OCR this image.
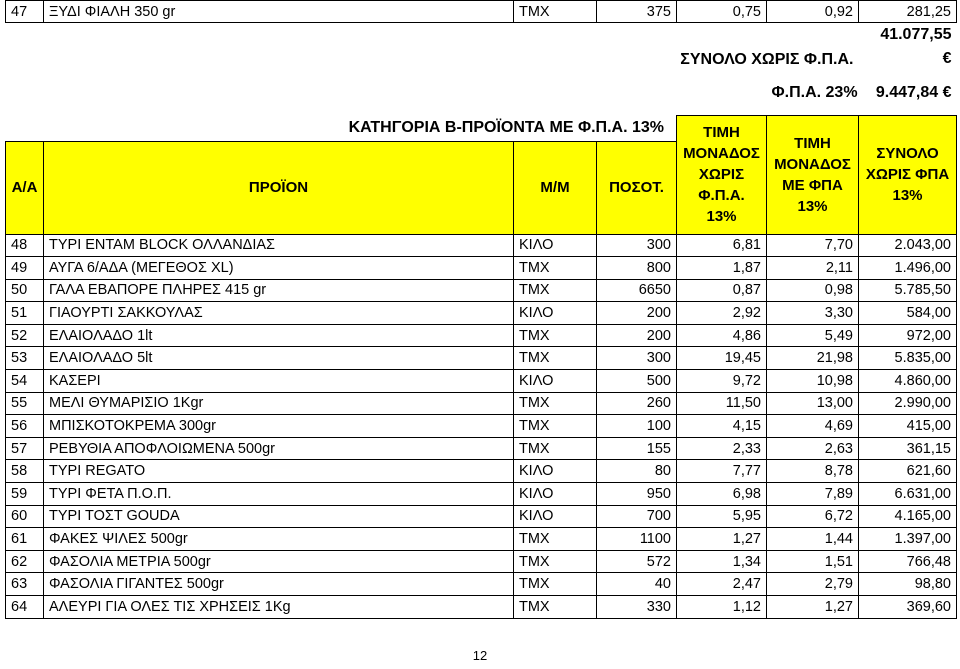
47	ΞΥΔΙ ΦΙΑΛΗ 350 gr	ΤΜΧ	375	0,75	0,92	281,25
			ΣΥΝΟΛΟ ΧΩΡΙΣ Φ.Π.Α.			41.077,55
€

					Φ.Π.Α. 23%	9.447,84 €
ΚΑΤΗΓΟΡΙΑ Β-ΠΡΟΪΟΝΤΑ ΜΕ Φ.Π.Α. 13%				ΤΙΜΗ ΜΟΝΑΔΟΣ ΧΩΡΙΣ Φ.Π.Α. 13%	ΤΙΜΗ ΜΟΝΑΔΟΣ ΜΕ ΦΠΑ 13%	ΣΥΝΟΛΟ ΧΩΡΙΣ ΦΠΑ 13%
Α/Α	ΠΡΟΪΟΝ	Μ/Μ	ΠΟΣΟΤ.			
48	ΤΥΡΙ ΕΝΤΑΜ BLOCK ΟΛΛΑΝΔΙΑΣ	ΚΙΛΟ	300	6,81	7,70	2.043,00
49	ΑΥΓΑ 6/ΑΔΑ (ΜΕΓΕΘΟΣ XL)	ΤΜΧ	800	1,87	2,11	1.496,00
50	ΓΑΛΑ ΕΒΑΠΟΡΕ ΠΛΗΡΕΣ 415 gr	ΤΜΧ	6650	0,87	0,98	5.785,50
51	ΓΙΑΟΥΡΤΙ ΣΑΚΚΟΥΛΑΣ	ΚΙΛΟ	200	2,92	3,30	584,00
52	ΕΛΑΙΟΛΑΔΟ 1lt	ΤΜΧ	200	4,86	5,49	972,00
53	ΕΛΑΙΟΛΑΔΟ 5lt	ΤΜΧ	300	19,45	21,98	5.835,00
54	ΚΑΣΕΡΙ	ΚΙΛΟ	500	9,72	10,98	4.860,00
55	ΜΕΛΙ ΘΥΜΑΡΙΣΙΟ 1Kgr	ΤΜΧ	260	11,50	13,00	2.990,00
56	ΜΠΙΣΚΟΤΟΚΡΕΜΑ 300gr	ΤΜΧ	100	4,15	4,69	415,00
57	ΡΕΒΥΘΙΑ ΑΠΟΦΛΟΙΩΜΕΝΑ 500gr	ΤΜΧ	155	2,33	2,63	361,15
58	ΤΥΡΙ REGATO	ΚΙΛΟ	80	7,77	8,78	621,60
59	ΤΥΡΙ ΦΕΤΑ Π.Ο.Π.	ΚΙΛΟ	950	6,98	7,89	6.631,00
60	ΤΥΡΙ ΤΟΣΤ GOUDA	ΚΙΛΟ	700	5,95	6,72	4.165,00
61	ΦΑΚΕΣ ΨΙΛΕΣ 500gr	ΤΜΧ	1100	1,27	1,44	1.397,00
62	ΦΑΣΟΛΙΑ ΜΕΤΡΙΑ 500gr	ΤΜΧ	572	1,34	1,51	766,48
63	ΦΑΣΟΛΙΑ ΓΙΓΑΝΤΕΣ 500gr	ΤΜΧ	40	2,47	2,79	98,80
64	ΑΛΕΥΡΙ ΓΙΑ ΟΛΕΣ ΤΙΣ ΧΡΗΣΕΙΣ 1Kg	ΤΜΧ	330	1,12	1,27	369,60
12
